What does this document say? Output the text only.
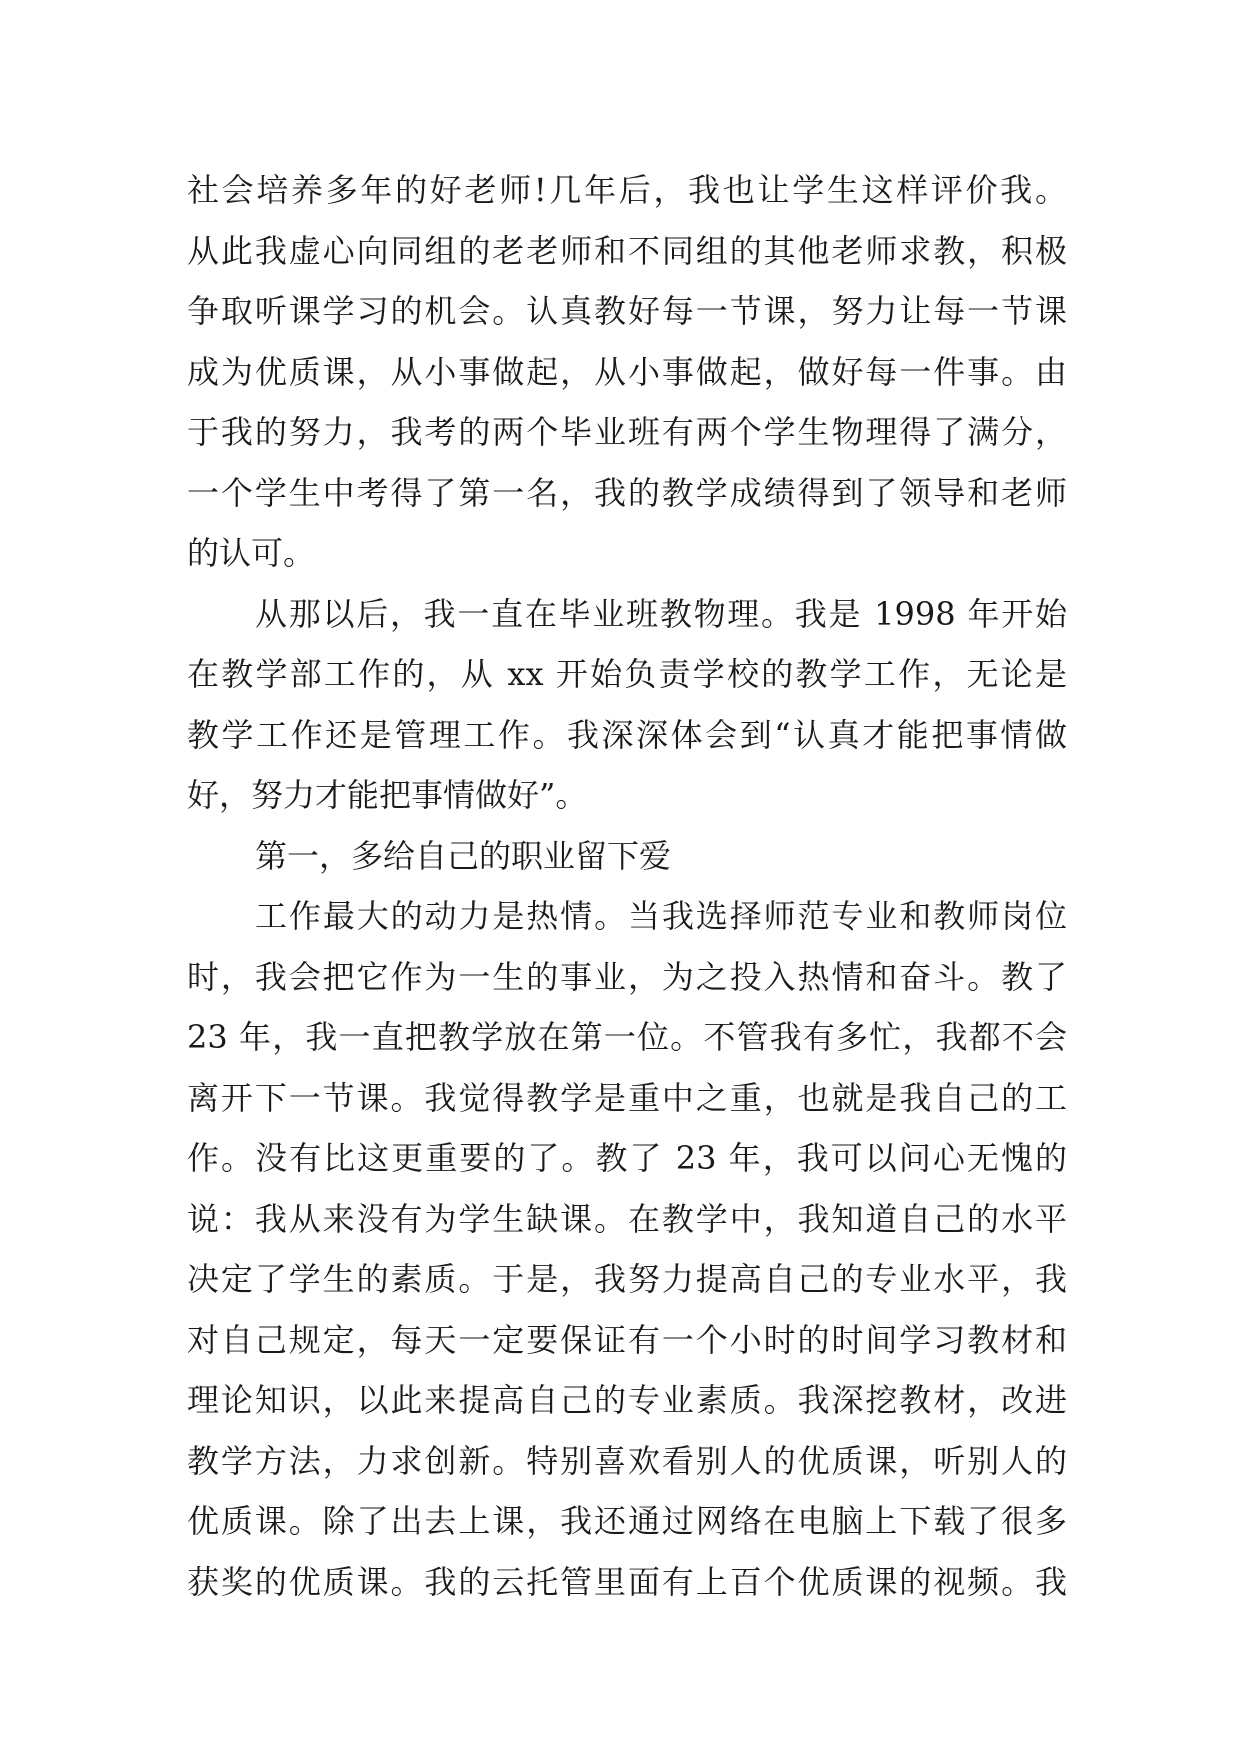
社会培养多年的好老师!几年后，我也让学生这样评价我。
从此我虚心向同组的老老师和不同组的其他老师求教，积极
争取听课学习的机会。认真教好每一节课，努力让每一节课
成为优质课，从小事做起，从小事做起，做好每一件事。由
于我的努力，我考的两个毕业班有两个学生物理得了满分，
一个学生中考得了第一名，我的教学成绩得到了领导和老师
的认可。
从那以后，我一直在毕业班教物理。我是 1998 年开始
在教学部工作的，从 xx 开始负责学校的教学工作，无论是
教学工作还是管理工作。我深深体会到“认真才能把事情做
好，努力才能把事情做好”。
第一，多给自己的职业留下爱
工作最大的动力是热情。当我选择师范专业和教师岗位
时，我会把它作为一生的事业，为之投入热情和奋斗。教了
23 年，我一直把教学放在第一位。不管我有多忙，我都不会
离开下一节课。我觉得教学是重中之重，也就是我自己的工
作。没有比这更重要的了。教了 23 年，我可以问心无愧的
说：我从来没有为学生缺课。在教学中，我知道自己的水平
决定了学生的素质。于是，我努力提高自己的专业水平，我
对自己规定，每天一定要保证有一个小时的时间学习教材和
理论知识，以此来提高自己的专业素质。我深挖教材，改进
教学方法，力求创新。特别喜欢看别人的优质课，听别人的
优质课。除了出去上课，我还通过网络在电脑上下载了很多
获奖的优质课。我的云托管里面有上百个优质课的视频。我
